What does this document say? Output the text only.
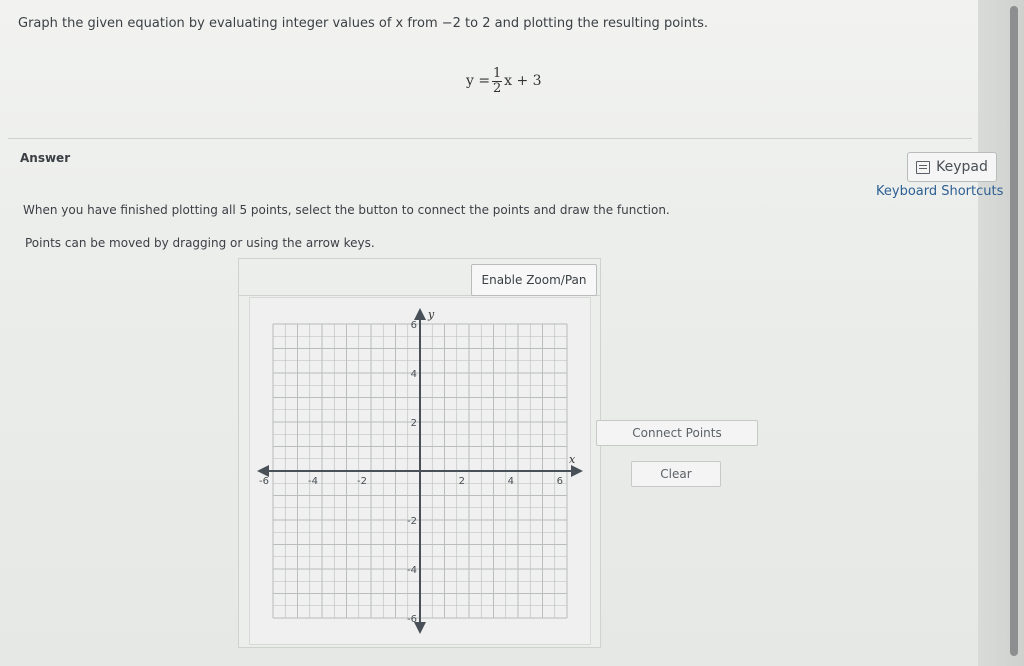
Graph the given equation by evaluating integer values of x from −2 to 2 and plotting the resulting points.
$y = \frac{1}{2}$ x + 3
Answer
Keypad
Keyboard Shortcuts
When you have finished plotting all 5 points, select the button to connect the points and draw the function.
Points can be moved by dragging or using the arrow keys.
Enable Zoom/Pan
-6	-4	-2	2	4	6
6
4
2
-2
-4
-6
x
y
Connect Points
Clear
